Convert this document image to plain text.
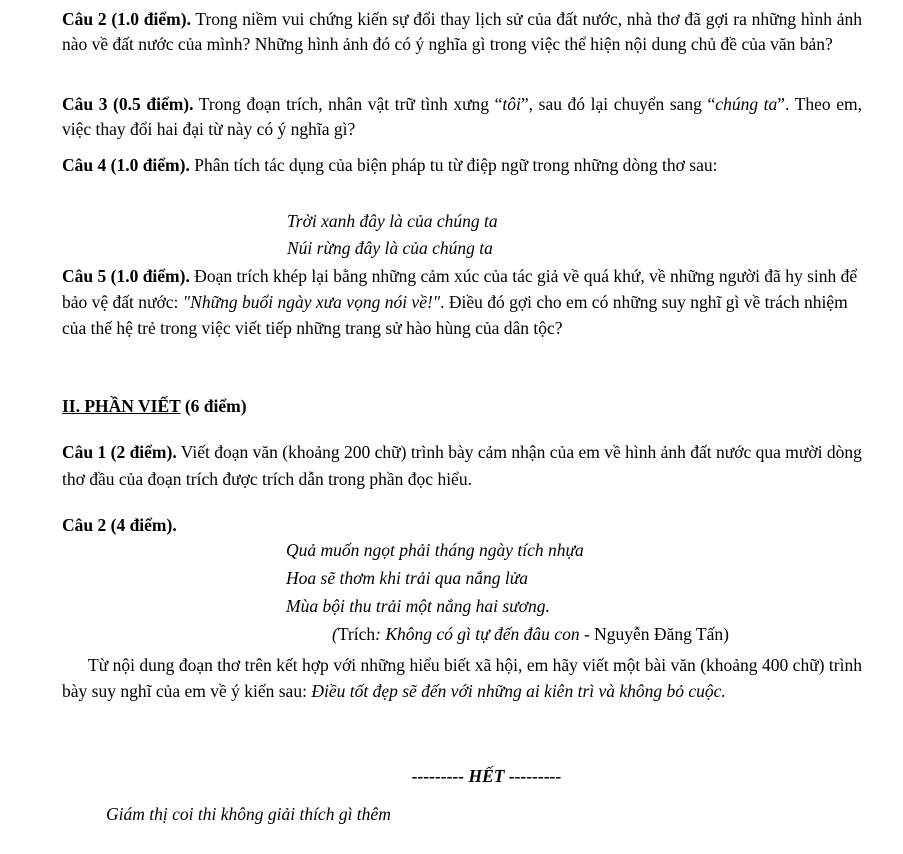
Câu 2 (1.0 điểm). Trong niềm vui chứng kiến sự đổi thay lịch sử của đất nước, nhà thơ đã gợi ra những hình ảnh nào về đất nước của mình? Những hình ảnh đó có ý nghĩa gì trong việc thể hiện nội dung chủ đề của văn bản?

Câu 3 (0.5 điểm). Trong đoạn trích, nhân vật trữ tình xưng “tôi”, sau đó lại chuyển sang “chúng ta”. Theo em, việc thay đổi hai đại từ này có ý nghĩa gì?

Câu 4 (1.0 điểm). Phân tích tác dụng của biện pháp tu từ điệp ngữ trong những dòng thơ sau:

Trời xanh đây là của chúng ta
Núi rừng đây là của chúng ta

Câu 5 (1.0 điểm). Đoạn trích khép lại bằng những cảm xúc của tác giả về quá khứ, về những người đã hy sinh để bảo vệ đất nước: "Những buổi ngày xưa vọng nói về!". Điều đó gợi cho em có những suy nghĩ gì về trách nhiệm của thế hệ trẻ trong việc viết tiếp những trang sử hào hùng của dân tộc?

II. PHẦN VIẾT (6 điểm)

Câu 1 (2 điểm). Viết đoạn văn (khoảng 200 chữ) trình bày cảm nhận của em về hình ảnh đất nước qua mười dòng thơ đầu của đoạn trích được trích dẫn trong phần đọc hiểu.

Câu 2 (4 điểm).
Quả muốn ngọt phải tháng ngày tích nhựa
Hoa sẽ thơm khi trải qua nắng lửa
Mùa bội thu trải một nắng hai sương.
(Trích: Không có gì tự đến đâu con - Nguyễn Đăng Tấn)

Từ nội dung đoạn thơ trên kết hợp với những hiểu biết xã hội, em hãy viết một bài văn (khoảng 400 chữ) trình bày suy nghĩ của em về ý kiến sau: Điều tốt đẹp sẽ đến với những ai kiên trì và không bỏ cuộc.

--------- HẾT ---------
Giám thị coi thi không giải thích gì thêm
